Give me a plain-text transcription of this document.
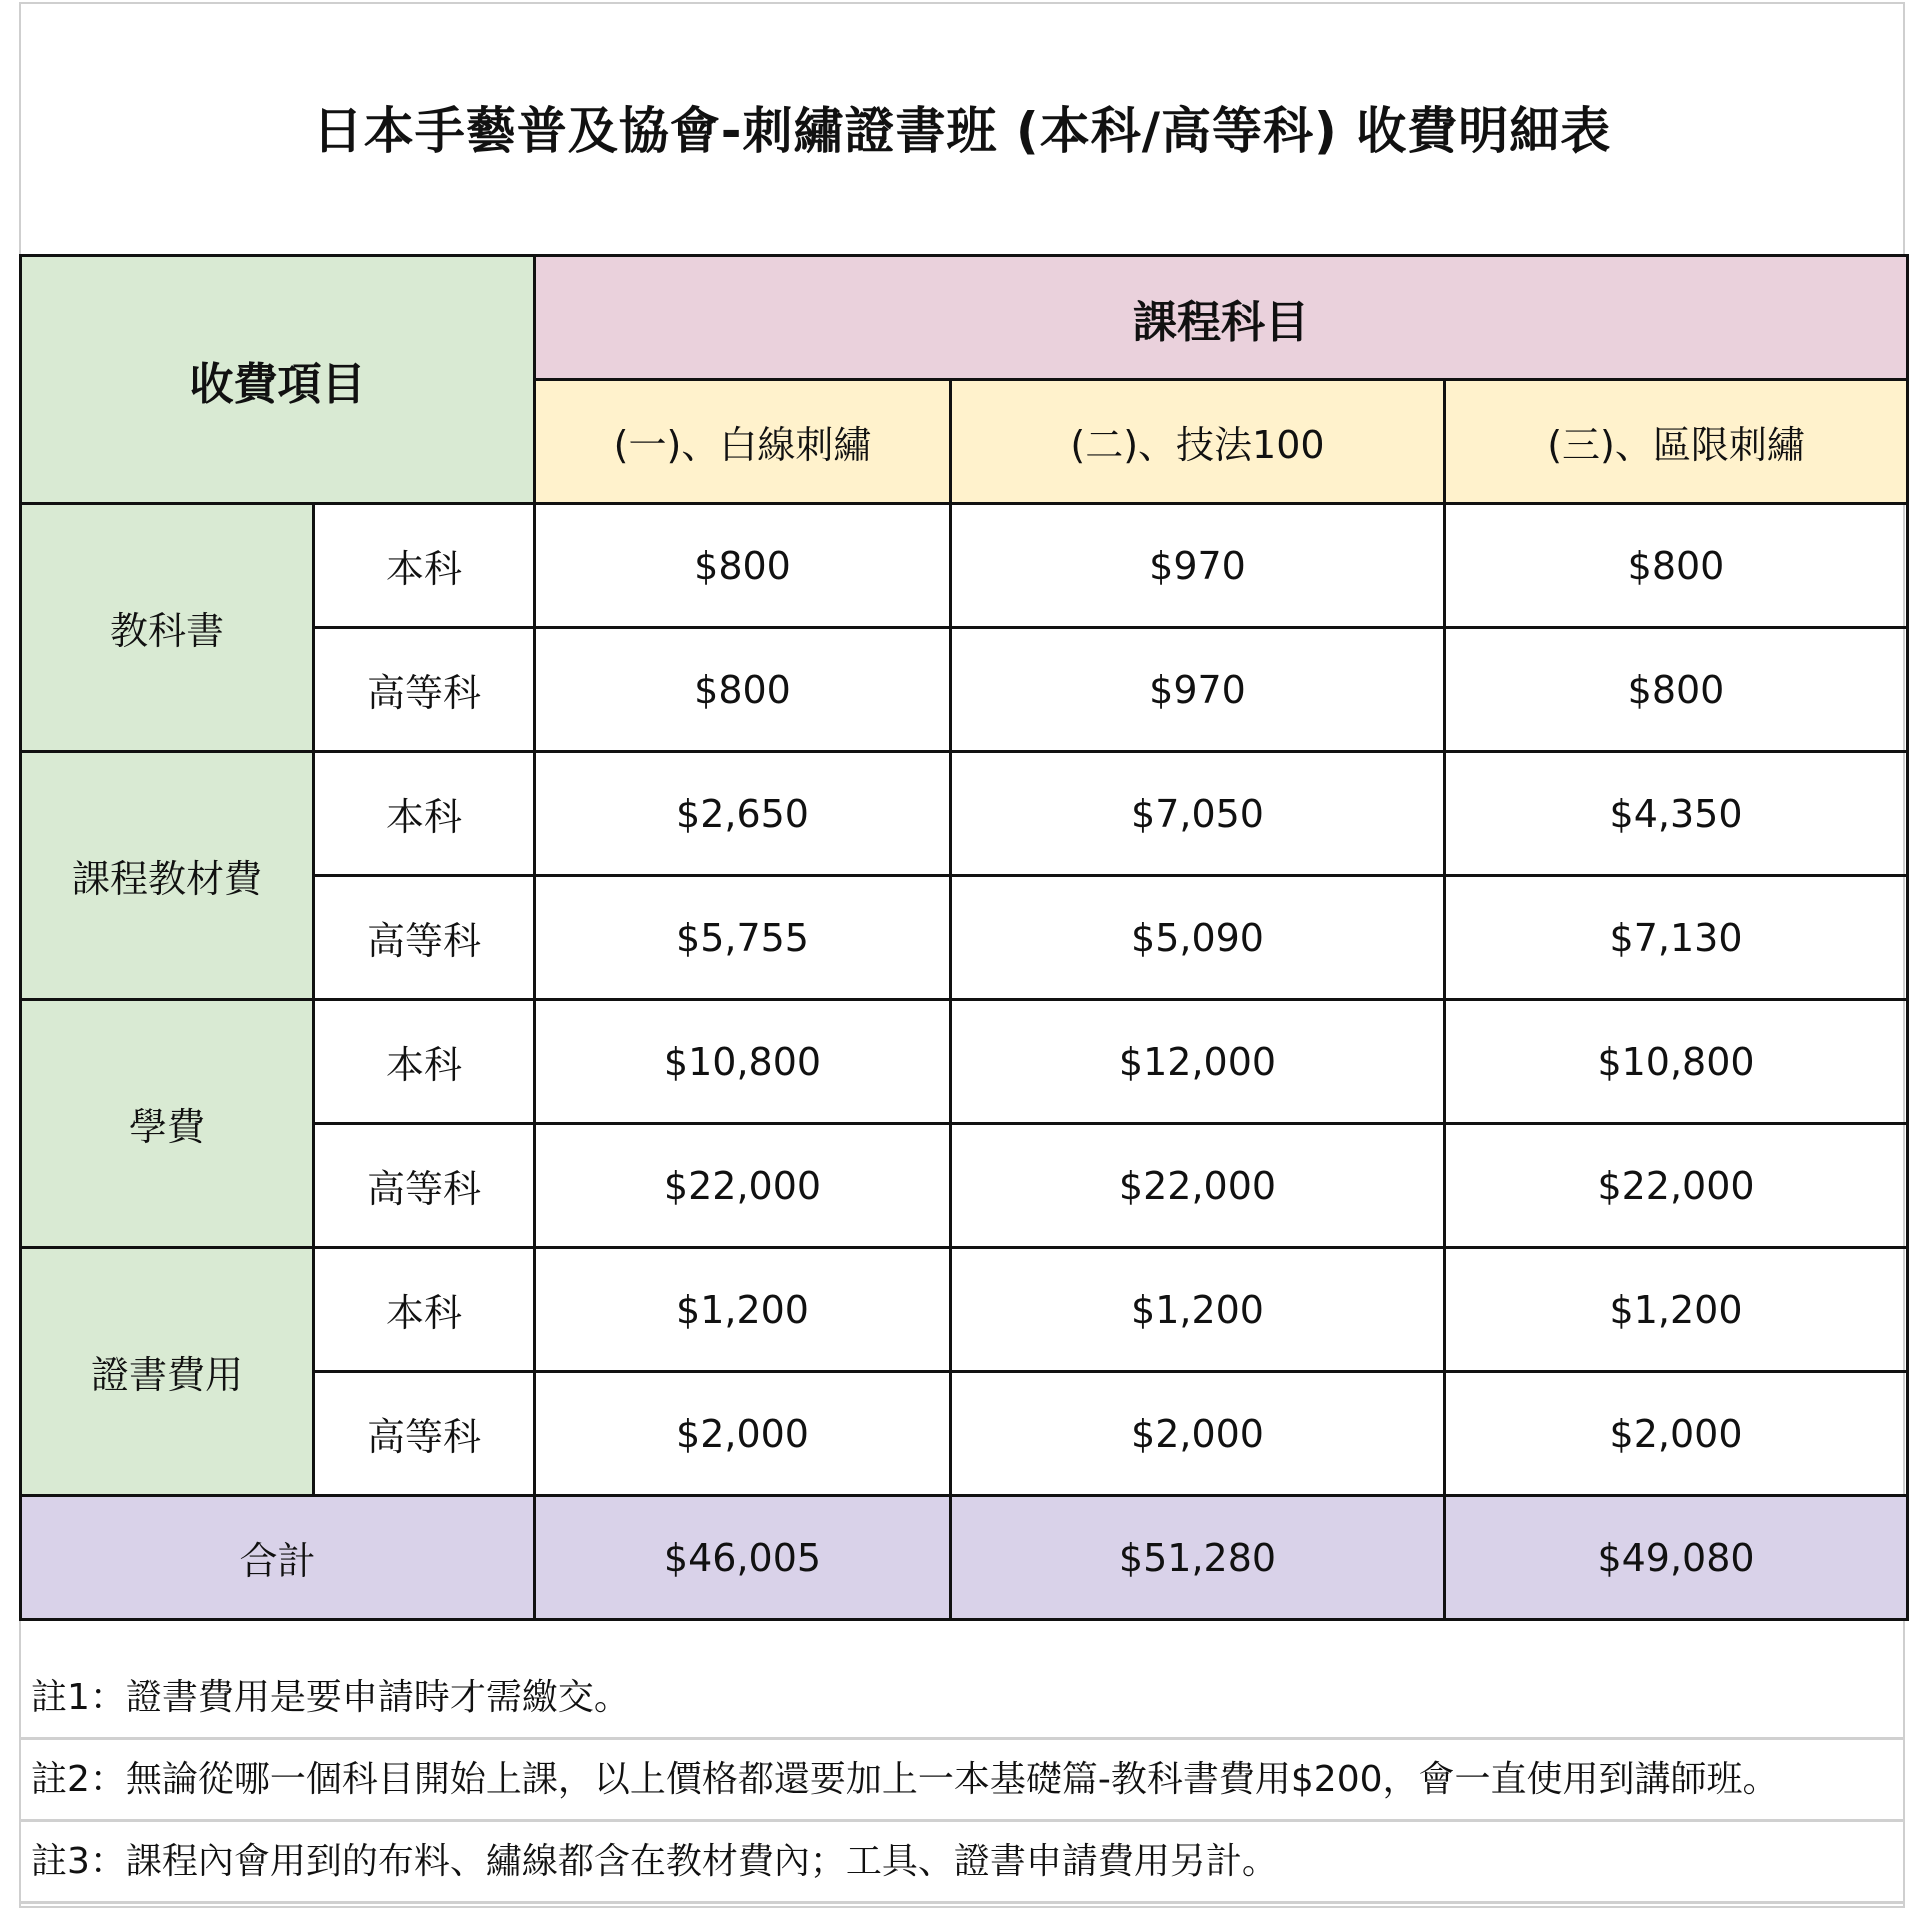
日本手藝普及協會-刺繡證書班 (本科/高等科) 收費明細表
收費項目		課程科目		
		(一)、白線刺繡	(二)、技法100	(三)、區限刺繡
教科書	本科	$800	$970	$800
	高等科	$800	$970	$800
課程教材費	本科	$2,650	$7,050	$4,350
	高等科	$5,755	$5,090	$7,130
學費	本科	$10,800	$12,000	$10,800
	高等科	$22,000	$22,000	$22,000
證書費用	本科	$1,200	$1,200	$1,200
	高等科	$2,000	$2,000	$2,000
合計		$46,005	$51,280	$49,080
註1：證書費用是要申請時才需繳交。
註2：無論從哪一個科目開始上課，以上價格都還要加上一本基礎篇-教科書費用$200，會一直使用到講師班。
註3：課程內會用到的布料、繡線都含在教材費內；工具、證書申請費用另計。
